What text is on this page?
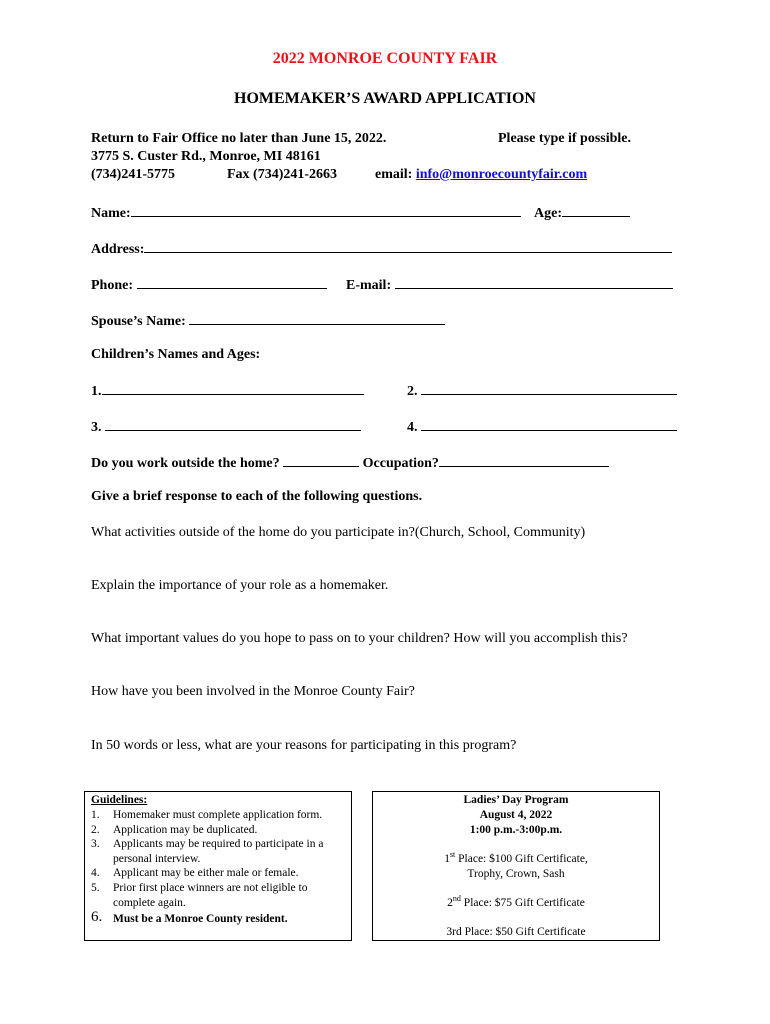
2022 MONROE COUNTY FAIR
HOMEMAKER’S AWARD APPLICATION
Return to Fair Office no later than June 15, 2022.	Please type if possible.
3775 S. Custer Rd., Monroe, MI 48161
(734)241-5775	Fax (734)241-2663	email: info@monroecountyfair.com
Name:	Age:
Address:
Phone:	E-mail:
Spouse’s Name:
Children’s Names and Ages:
1.	2.
3.	4.
Do you work outside the home?	Occupation?
Give a brief response to each of the following questions.
What activities outside of the home do you participate in?(Church, School, Community)
Explain the importance of your role as a homemaker.
What important values do you hope to pass on to your children? How will you accomplish this?
How have you been involved in the Monroe County Fair?
In 50 words or less, what are your reasons for participating in this program?
Guidelines:
1. Homemaker must complete application form.
2. Application may be duplicated.
3. Applicants may be required to participate in a personal interview.
4. Applicant may be either male or female.
5. Prior first place winners are not eligible to complete again.
6. Must be a Monroe County resident.
Ladies’ Day Program
August 4, 2022
1:00 p.m.-3:00p.m.
1st Place: $100 Gift Certificate,
Trophy, Crown, Sash
2nd Place: $75 Gift Certificate
3rd Place: $50 Gift Certificate
